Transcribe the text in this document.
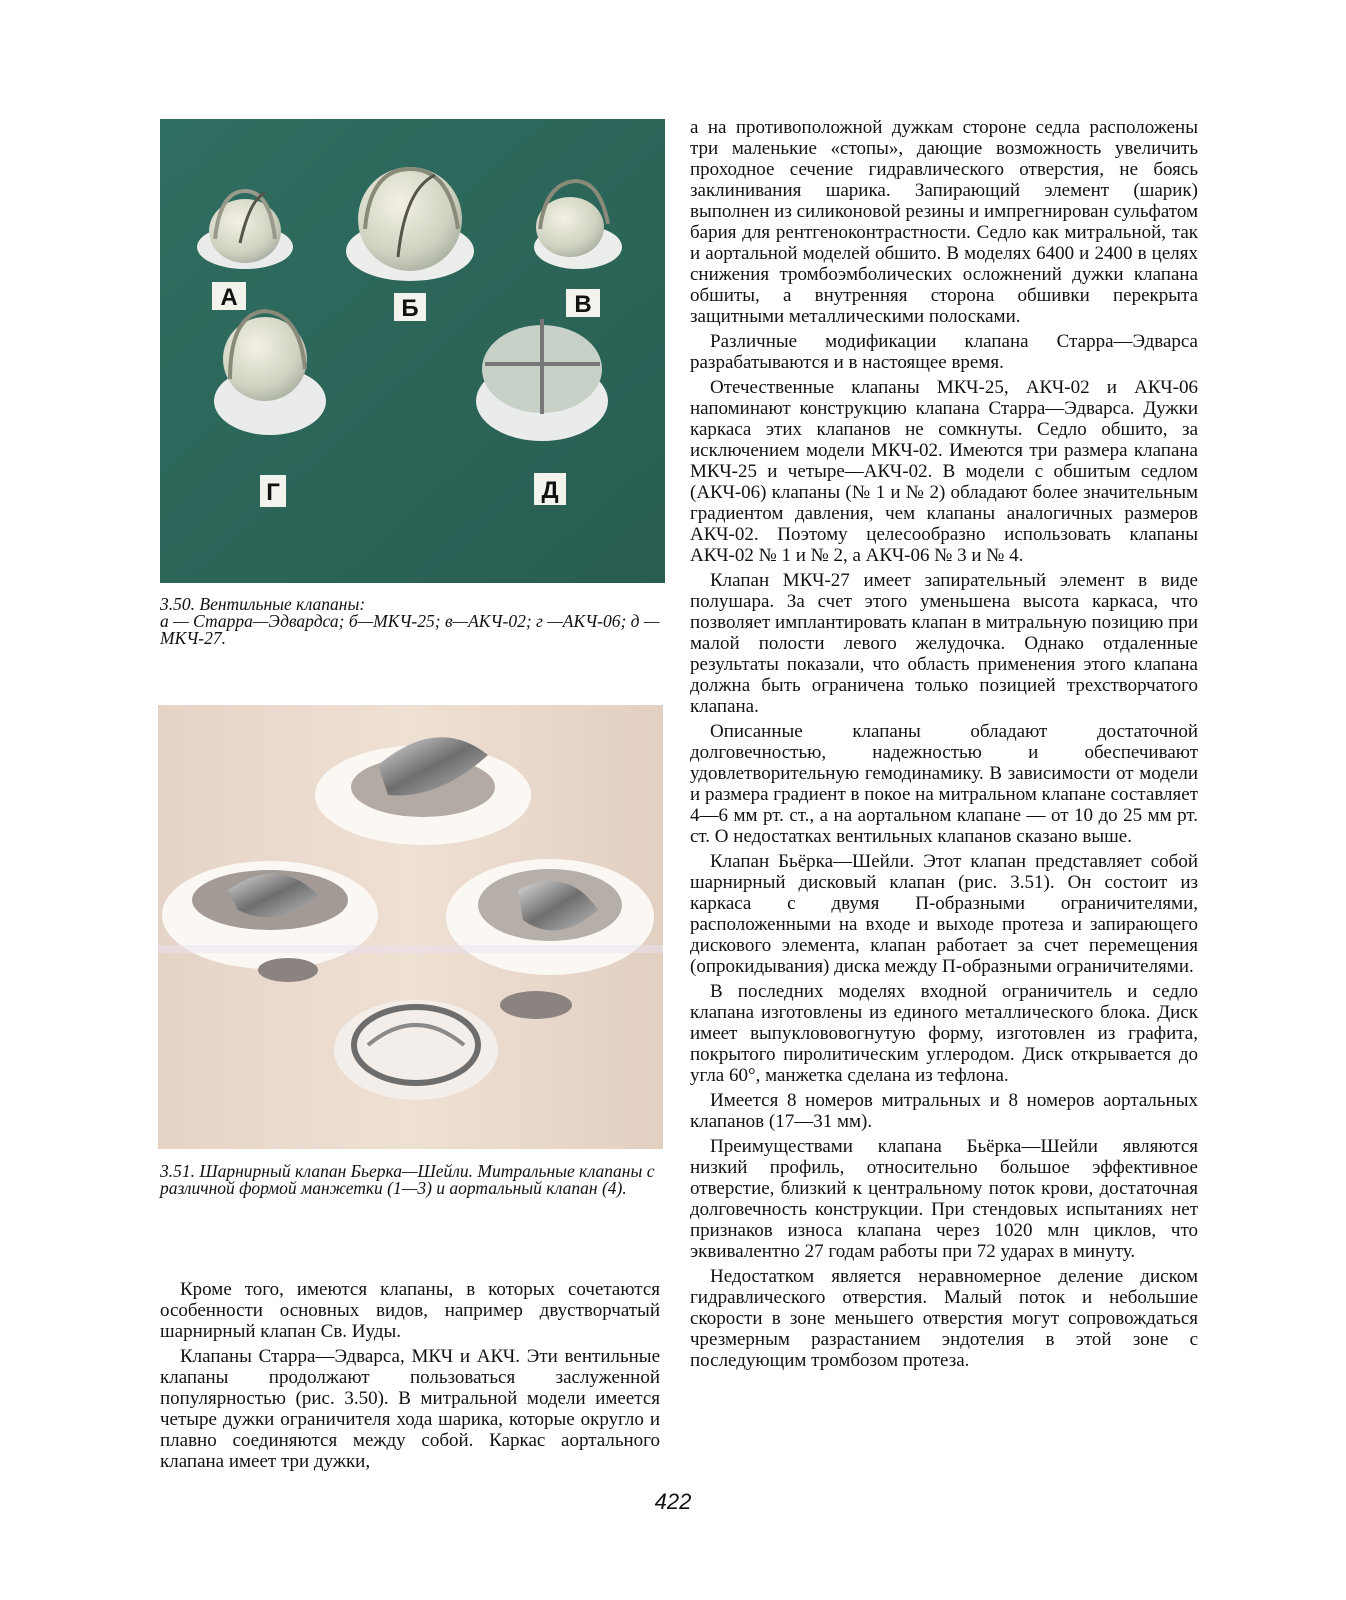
А	Б	В
Г	Д
3.50. Вентильные клапаны:
а — Старра—Эдвардса; б—МКЧ-25; в—АКЧ-02; г —АКЧ-06; д — МКЧ-27.
3.51. Шарнирный клапан Бьерка—Шейли. Митральные клапаны с различной формой манжетки (1—3) и аортальный клапан (4).

а на противоположной дужкам стороне седла расположены три маленькие «стопы», дающие возможность увеличить проходное сечение гидравлического отверстия, не боясь заклинивания шарика. Запирающий элемент (шарик) выполнен из силиконовой резины и импрегнирован сульфатом бария для рентгеноконтрастности. Седло как митральной, так и аортальной моделей обшито. В моделях 6400 и 2400 в целях снижения тромбоэмболических осложнений дужки клапана обшиты, а внутренняя сторона обшивки перекрыта защитными металлическими полосками.

Различные модификации клапана Старра—Эдварса разрабатываются и в настоящее время.

Отечественные клапаны МКЧ-25, АКЧ-02 и АКЧ-06 напоминают конструкцию клапана Старра—Эдварса. Дужки каркаса этих клапанов не сомкнуты. Седло обшито, за исключением модели МКЧ-02. Имеются три размера клапана МКЧ-25 и четыре—АКЧ-02. В модели с обшитым седлом (АКЧ-06) клапаны (№ 1 и № 2) обладают более значительным градиентом давления, чем клапаны аналогичных размеров АКЧ-02. Поэтому целесообразно использовать клапаны АКЧ-02 № 1 и № 2, а АКЧ-06 № 3 и № 4.

Клапан МКЧ-27 имеет запирательный элемент в виде полушара. За счет этого уменьшена высота каркаса, что позволяет имплантировать клапан в митральную позицию при малой полости левого желудочка. Однако отдаленные результаты показали, что область применения этого клапана должна быть ограничена только позицией трехстворчатого клапана.

Описанные клапаны обладают достаточной долговечностью, надежностью и обеспечивают удовлетворительную гемодинамику. В зависимости от модели и размера градиент в покое на митральном клапане составляет 4—6 мм рт. ст., а на аортальном клапане — от 10 до 25 мм рт. ст. О недостатках вентильных клапанов сказано выше.

Клапан Бьёрка—Шейли. Этот клапан представляет собой шарнирный дисковый клапан (рис. 3.51). Он состоит из каркаса с двумя П-образными ограничителями, расположенными на входе и выходе протеза и запирающего дискового элемента, клапан работает за счет перемещения (опрокидывания) диска между П-образными ограничителями.

В последних моделях входной ограничитель и седло клапана изготовлены из единого металлического блока. Диск имеет выпуклововогнутую форму, изготовлен из графита, покрытого пиролитическим углеродом. Диск открывается до угла 60°, манжетка сделана из тефлона.

Имеется 8 номеров митральных и 8 номеров аортальных клапанов (17—31 мм).

Преимуществами клапана Бьёрка—Шейли являются низкий профиль, относительно большое эффективное отверстие, близкий к центральному поток крови, достаточная долговечность конструкции. При стендовых испытаниях нет признаков износа клапана через 1020 млн циклов, что эквивалентно 27 годам работы при 72 ударах в минуту.

Недостатком является неравномерное деление диском гидравлического отверстия. Малый поток и небольшие скорости в зоне меньшего отверстия могут сопровождаться чрезмерным разрастанием эндотелия в этой зоне с последующим тромбозом протеза.

Кроме того, имеются клапаны, в которых сочетаются особенности основных видов, например двустворчатый шарнирный клапан Св. Иуды.

Клапаны Старра—Эдварса, МКЧ и АКЧ. Эти вентильные клапаны продолжают пользоваться заслуженной популярностью (рис. 3.50). В митральной модели имеется четыре дужки ограничителя хода шарика, которые округло и плавно соединяются между собой. Каркас аортального клапана имеет три дужки,

422
